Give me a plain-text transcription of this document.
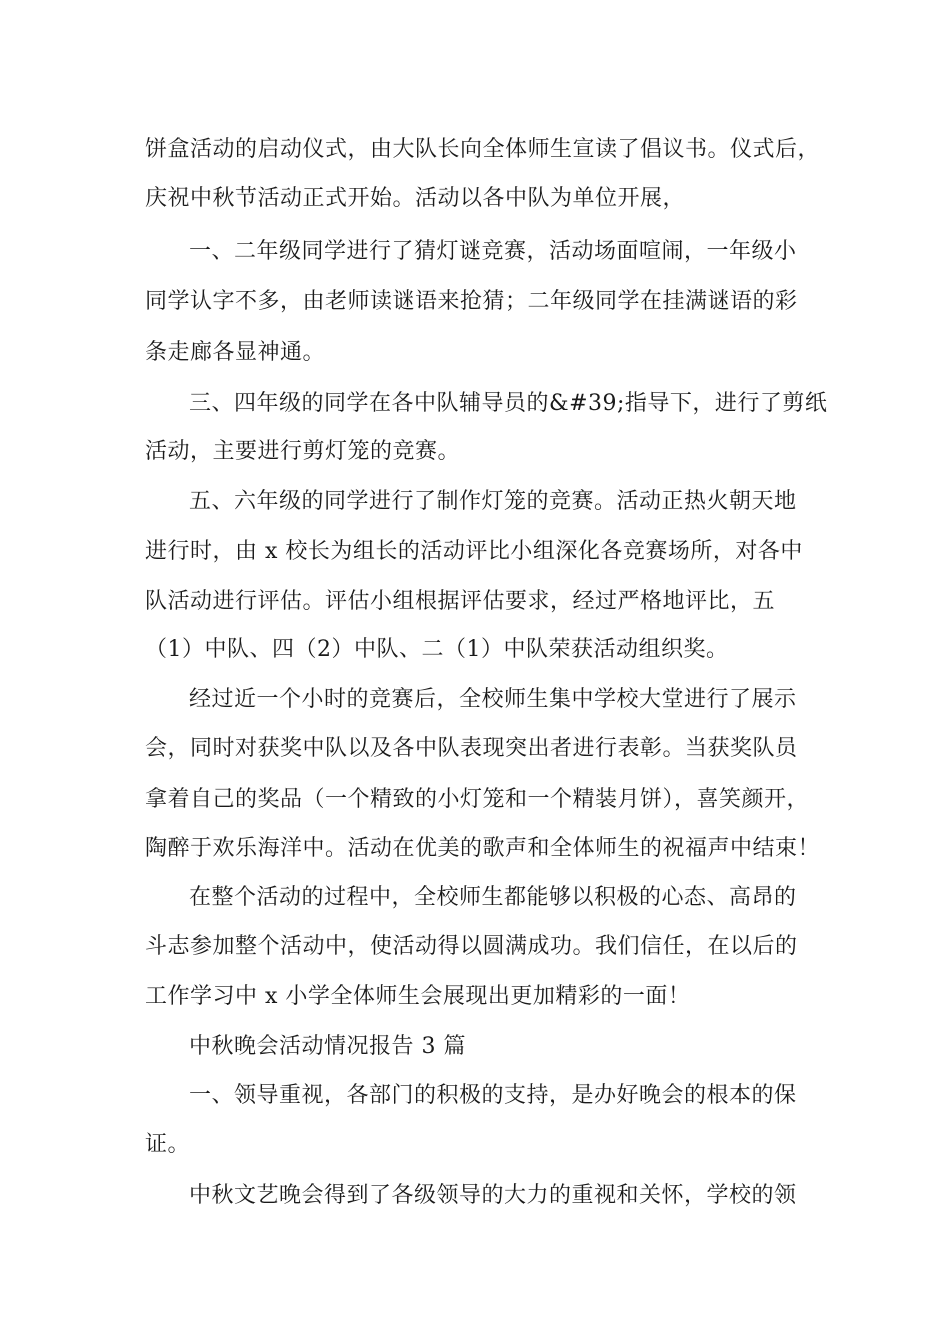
饼盒活动的启动仪式，由大队长向全体师生宣读了倡议书。仪式后，
庆祝中秋节活动正式开始。活动以各中队为单位开展，
一、二年级同学进行了猜灯谜竞赛，活动场面喧闹，一年级小
同学认字不多，由老师读谜语来抢猜；二年级同学在挂满谜语的彩
条走廊各显神通。
三、四年级的同学在各中队辅导员的&#39;指导下，进行了剪纸
活动，主要进行剪灯笼的竞赛。
五、六年级的同学进行了制作灯笼的竞赛。活动正热火朝天地
进行时，由 x 校长为组长的活动评比小组深化各竞赛场所，对各中
队活动进行评估。评估小组根据评估要求，经过严格地评比，五
（1）中队、四（2）中队、二（1）中队荣获活动组织奖。
经过近一个小时的竞赛后，全校师生集中学校大堂进行了展示
会，同时对获奖中队以及各中队表现突出者进行表彰。当获奖队员
拿着自己的奖品（一个精致的小灯笼和一个精装月饼），喜笑颜开，
陶醉于欢乐海洋中。活动在优美的歌声和全体师生的祝福声中结束！
在整个活动的过程中，全校师生都能够以积极的心态、高昂的
斗志参加整个活动中，使活动得以圆满成功。我们信任，在以后的
工作学习中 x 小学全体师生会展现出更加精彩的一面！
中秋晚会活动情况报告 3 篇
一、领导重视，各部门的积极的支持，是办好晚会的根本的保
证。
中秋文艺晚会得到了各级领导的大力的重视和关怀，学校的领
